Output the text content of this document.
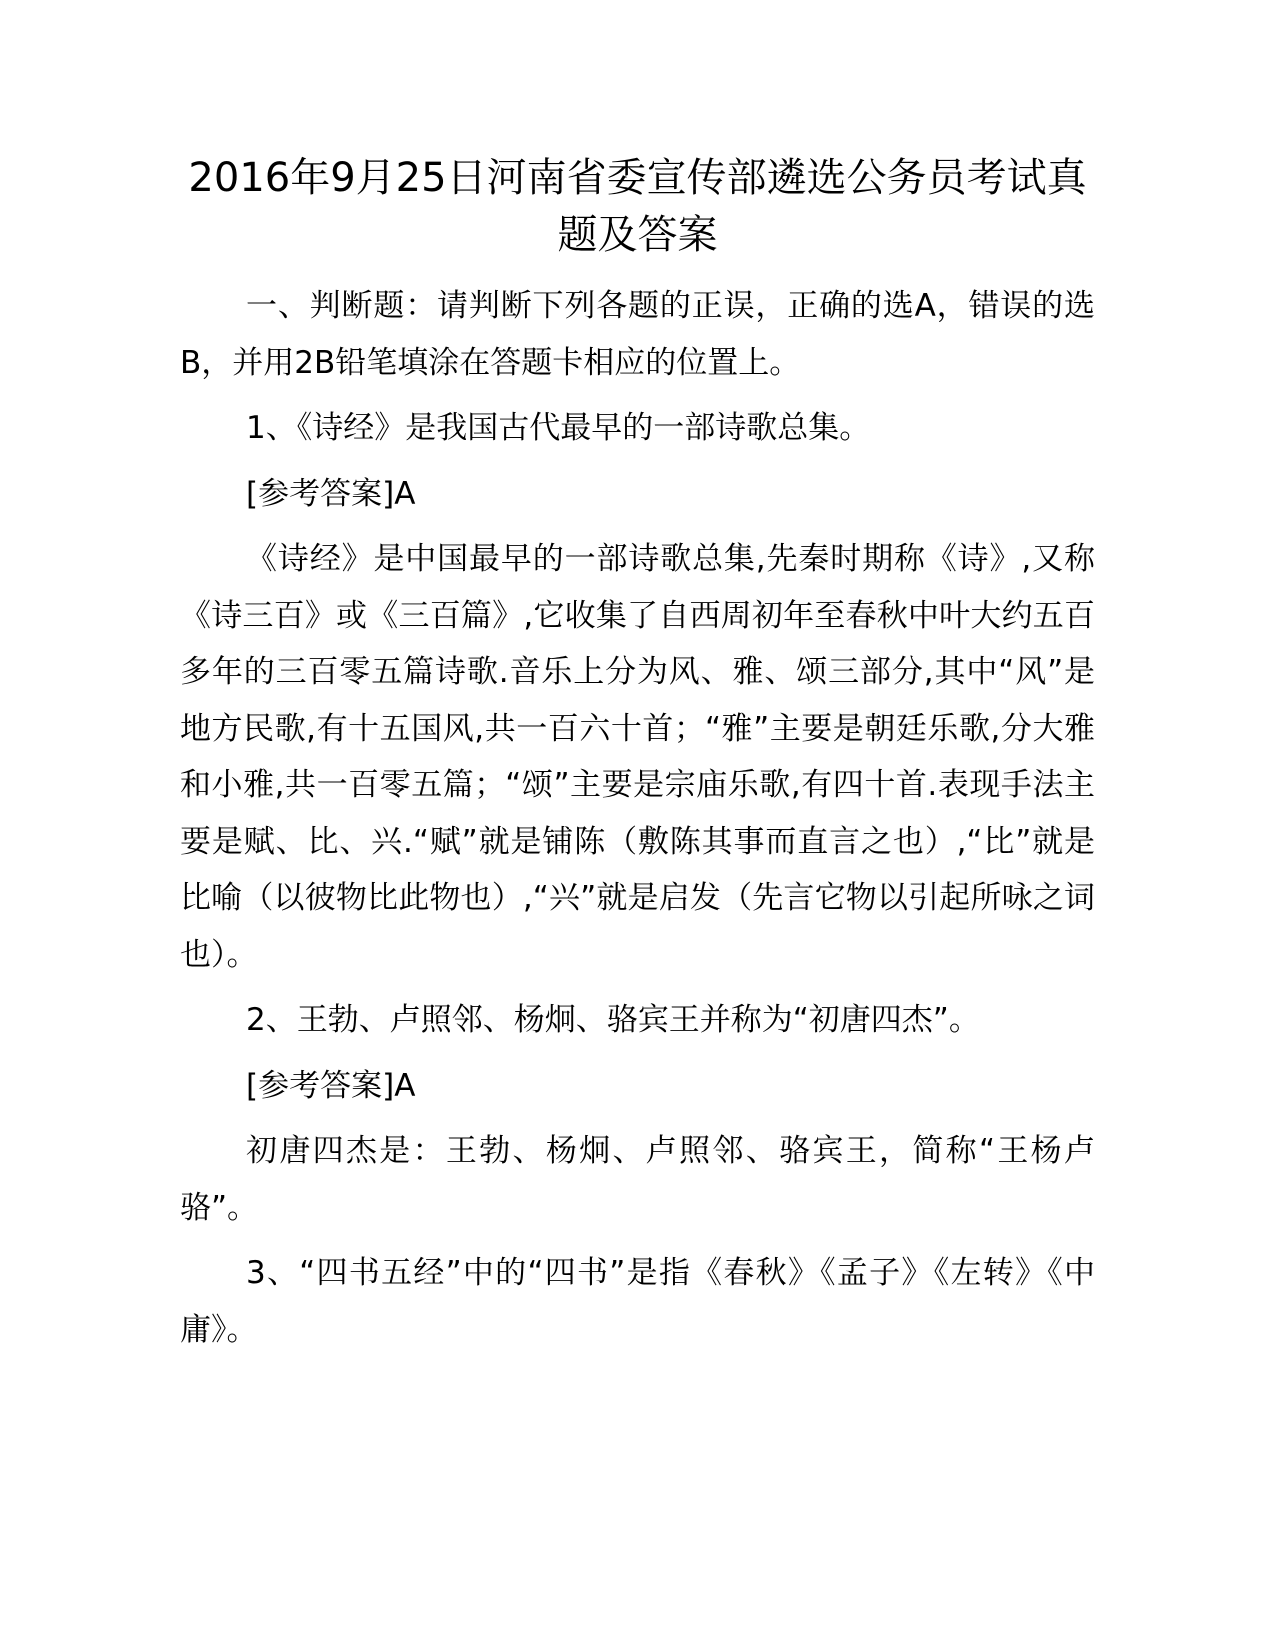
2016年9月25日河南省委宣传部遴选公务员考试真题及答案

一、判断题：请判断下列各题的正误，正确的选A，错误的选B，并用2B铅笔填涂在答题卡相应的位置上。

1、《诗经》是我国古代最早的一部诗歌总集。

[参考答案]A

《诗经》是中国最早的一部诗歌总集,先秦时期称《诗》,又称《诗三百》或《三百篇》,它收集了自西周初年至春秋中叶大约五百多年的三百零五篇诗歌.音乐上分为风、雅、颂三部分,其中“风”是地方民歌,有十五国风,共一百六十首；“雅”主要是朝廷乐歌,分大雅和小雅,共一百零五篇；“颂”主要是宗庙乐歌,有四十首.表现手法主要是赋、比、兴.“赋”就是铺陈（敷陈其事而直言之也）,“比”就是比喻（以彼物比此物也）,“兴”就是启发（先言它物以引起所咏之词也）。

2、王勃、卢照邻、杨炯、骆宾王并称为“初唐四杰”。

[参考答案]A

初唐四杰是：王勃、杨炯、卢照邻、骆宾王，简称“王杨卢骆”。

3、“四书五经”中的“四书”是指《春秋》《孟子》《左转》《中庸》。
